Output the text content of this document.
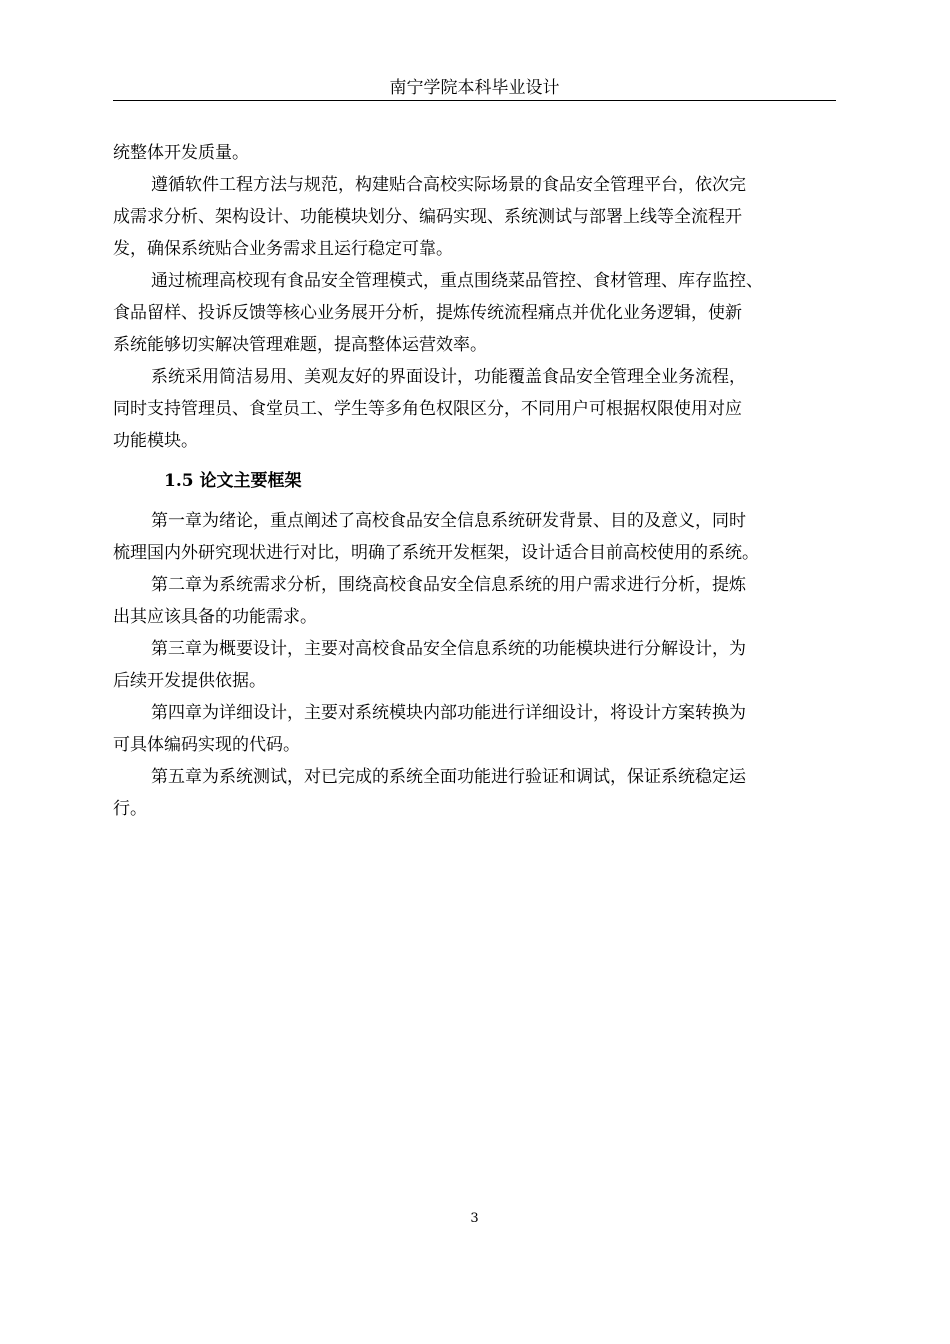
南宁学院本科毕业设计

统整体开发质量。

遵循软件工程方法与规范，构建贴合高校实际场景的食品安全管理平台，依次完
成需求分析、架构设计、功能模块划分、编码实现、系统测试与部署上线等全流程开
发，确保系统贴合业务需求且运行稳定可靠。

通过梳理高校现有食品安全管理模式，重点围绕菜品管控、食材管理、库存监控、
食品留样、投诉反馈等核心业务展开分析，提炼传统流程痛点并优化业务逻辑，使新
系统能够切实解决管理难题，提高整体运营效率。

系统采用简洁易用、美观友好的界面设计，功能覆盖食品安全管理全业务流程，
同时支持管理员、食堂员工、学生等多角色权限区分，不同用户可根据权限使用对应
功能模块。

1.5 论文主要框架

第一章为绪论，重点阐述了高校食品安全信息系统研发背景、目的及意义，同时
梳理国内外研究现状进行对比，明确了系统开发框架，设计适合目前高校使用的系统。

第二章为系统需求分析，围绕高校食品安全信息系统的用户需求进行分析，提炼
出其应该具备的功能需求。

第三章为概要设计，主要对高校食品安全信息系统的功能模块进行分解设计，为
后续开发提供依据。

第四章为详细设计，主要对系统模块内部功能进行详细设计，将设计方案转换为
可具体编码实现的代码。

第五章为系统测试，对已完成的系统全面功能进行验证和调试，保证系统稳定运
行。

3
